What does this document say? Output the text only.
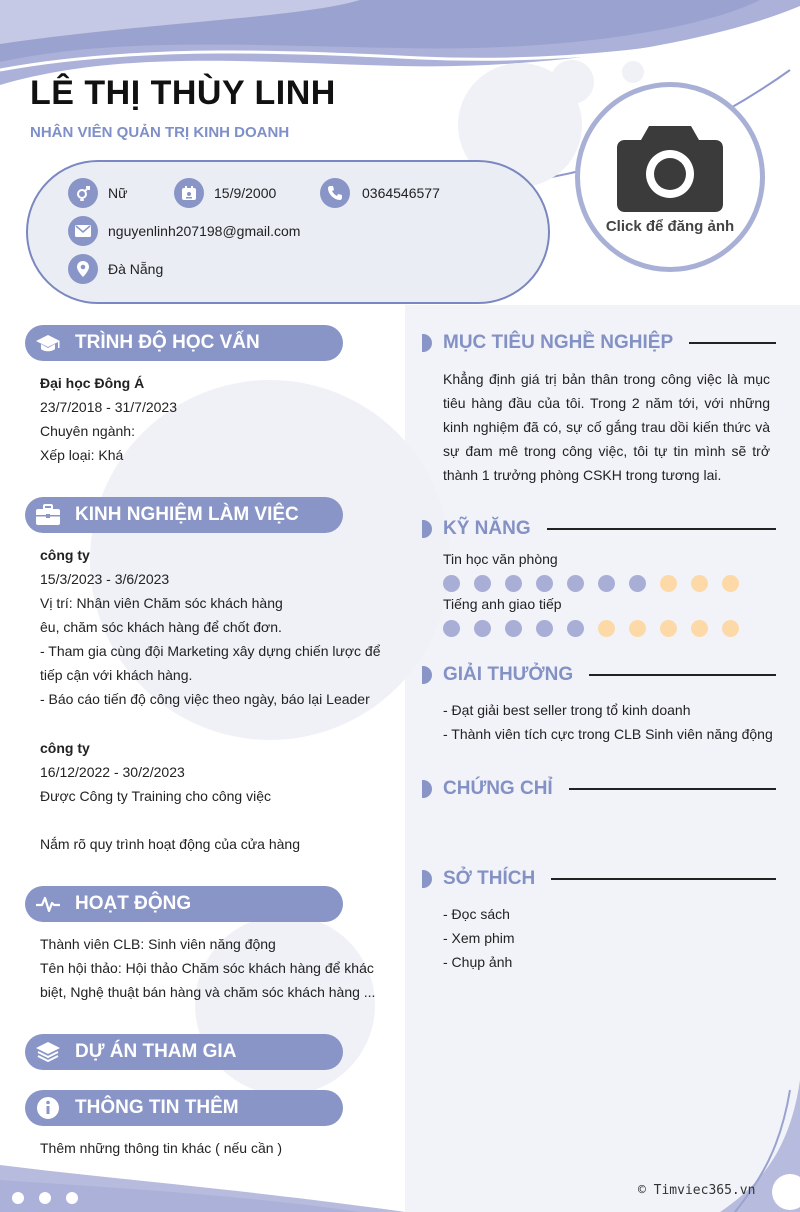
LÊ THỊ THÙY LINH
NHÂN VIÊN QUẢN TRỊ KINH DOANH
Nữ	15/9/2000	0364546577
nguyenlinh207198@gmail.com
Đà Nẵng
Click để đăng ảnh
TRÌNH ĐỘ HỌC VẤN
Đại học Đông Á
23/7/2018 - 31/7/2023
Chuyên ngành:
Xếp loại: Khá
KINH NGHIỆM LÀM VIỆC
công ty
15/3/2023 - 3/6/2023
Vị trí: Nhân viên Chăm sóc khách hàng
êu, chăm sóc khách hàng để chốt đơn.
- Tham gia cùng đội Marketing xây dựng chiến lược để
tiếp cận với khách hàng.
- Báo cáo tiến độ công việc theo ngày, báo lại Leader
công ty
16/12/2022 - 30/2/2023
Được Công ty Training cho công việc
Nắm rõ quy trình hoạt động của cửa hàng
HOẠT ĐỘNG
Thành viên CLB: Sinh viên năng động
Tên hội thảo: Hội thảo Chăm sóc khách hàng để khác
biệt, Nghệ thuật bán hàng và chăm sóc khách hàng ...
DỰ ÁN THAM GIA
THÔNG TIN THÊM
Thêm những thông tin khác ( nếu cần )
MỤC TIÊU NGHỀ NGHIỆP
Khẳng định giá trị bản thân trong công việc là mục tiêu hàng đầu của tôi. Trong 2 năm tới, với những kinh nghiệm đã có, sự cố gắng trau dồi kiến thức và sự đam mê trong công việc, tôi tự tin mình sẽ trở thành 1 trưởng phòng CSKH trong tương lai.
KỸ NĂNG
Tin học văn phòng
Tiếng anh giao tiếp
GIẢI THƯỞNG
- Đạt giải best seller trong tổ kinh doanh
- Thành viên tích cực trong CLB Sinh viên năng động
CHỨNG CHỈ
SỞ THÍCH
- Đọc sách
- Xem phim
- Chụp ảnh
© Timviec365.vn
